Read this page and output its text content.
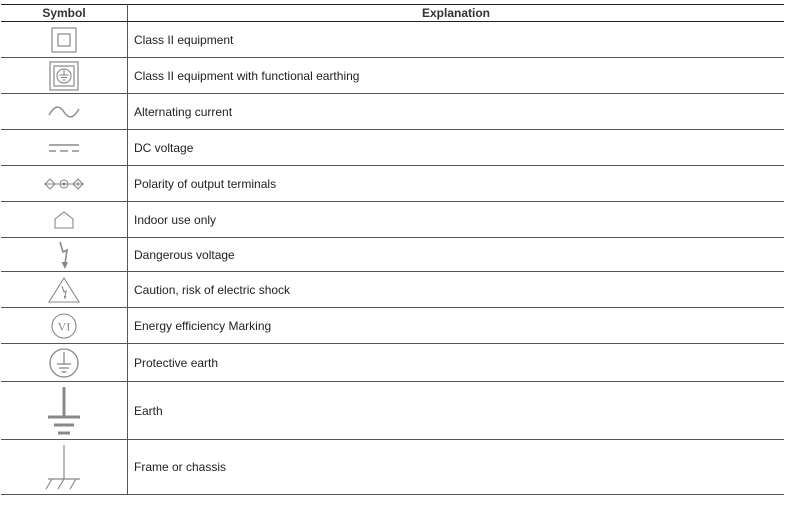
Symbol	Explanation

	Class II equipment

	Class II equipment with functional earthing

	Alternating current

	DC voltage

	Polarity of output terminals

	Indoor use only

	Dangerous voltage

	Caution, risk of electric shock

VI	Energy efficiency Marking

	Protective earth

	Earth

	Frame or chassis
